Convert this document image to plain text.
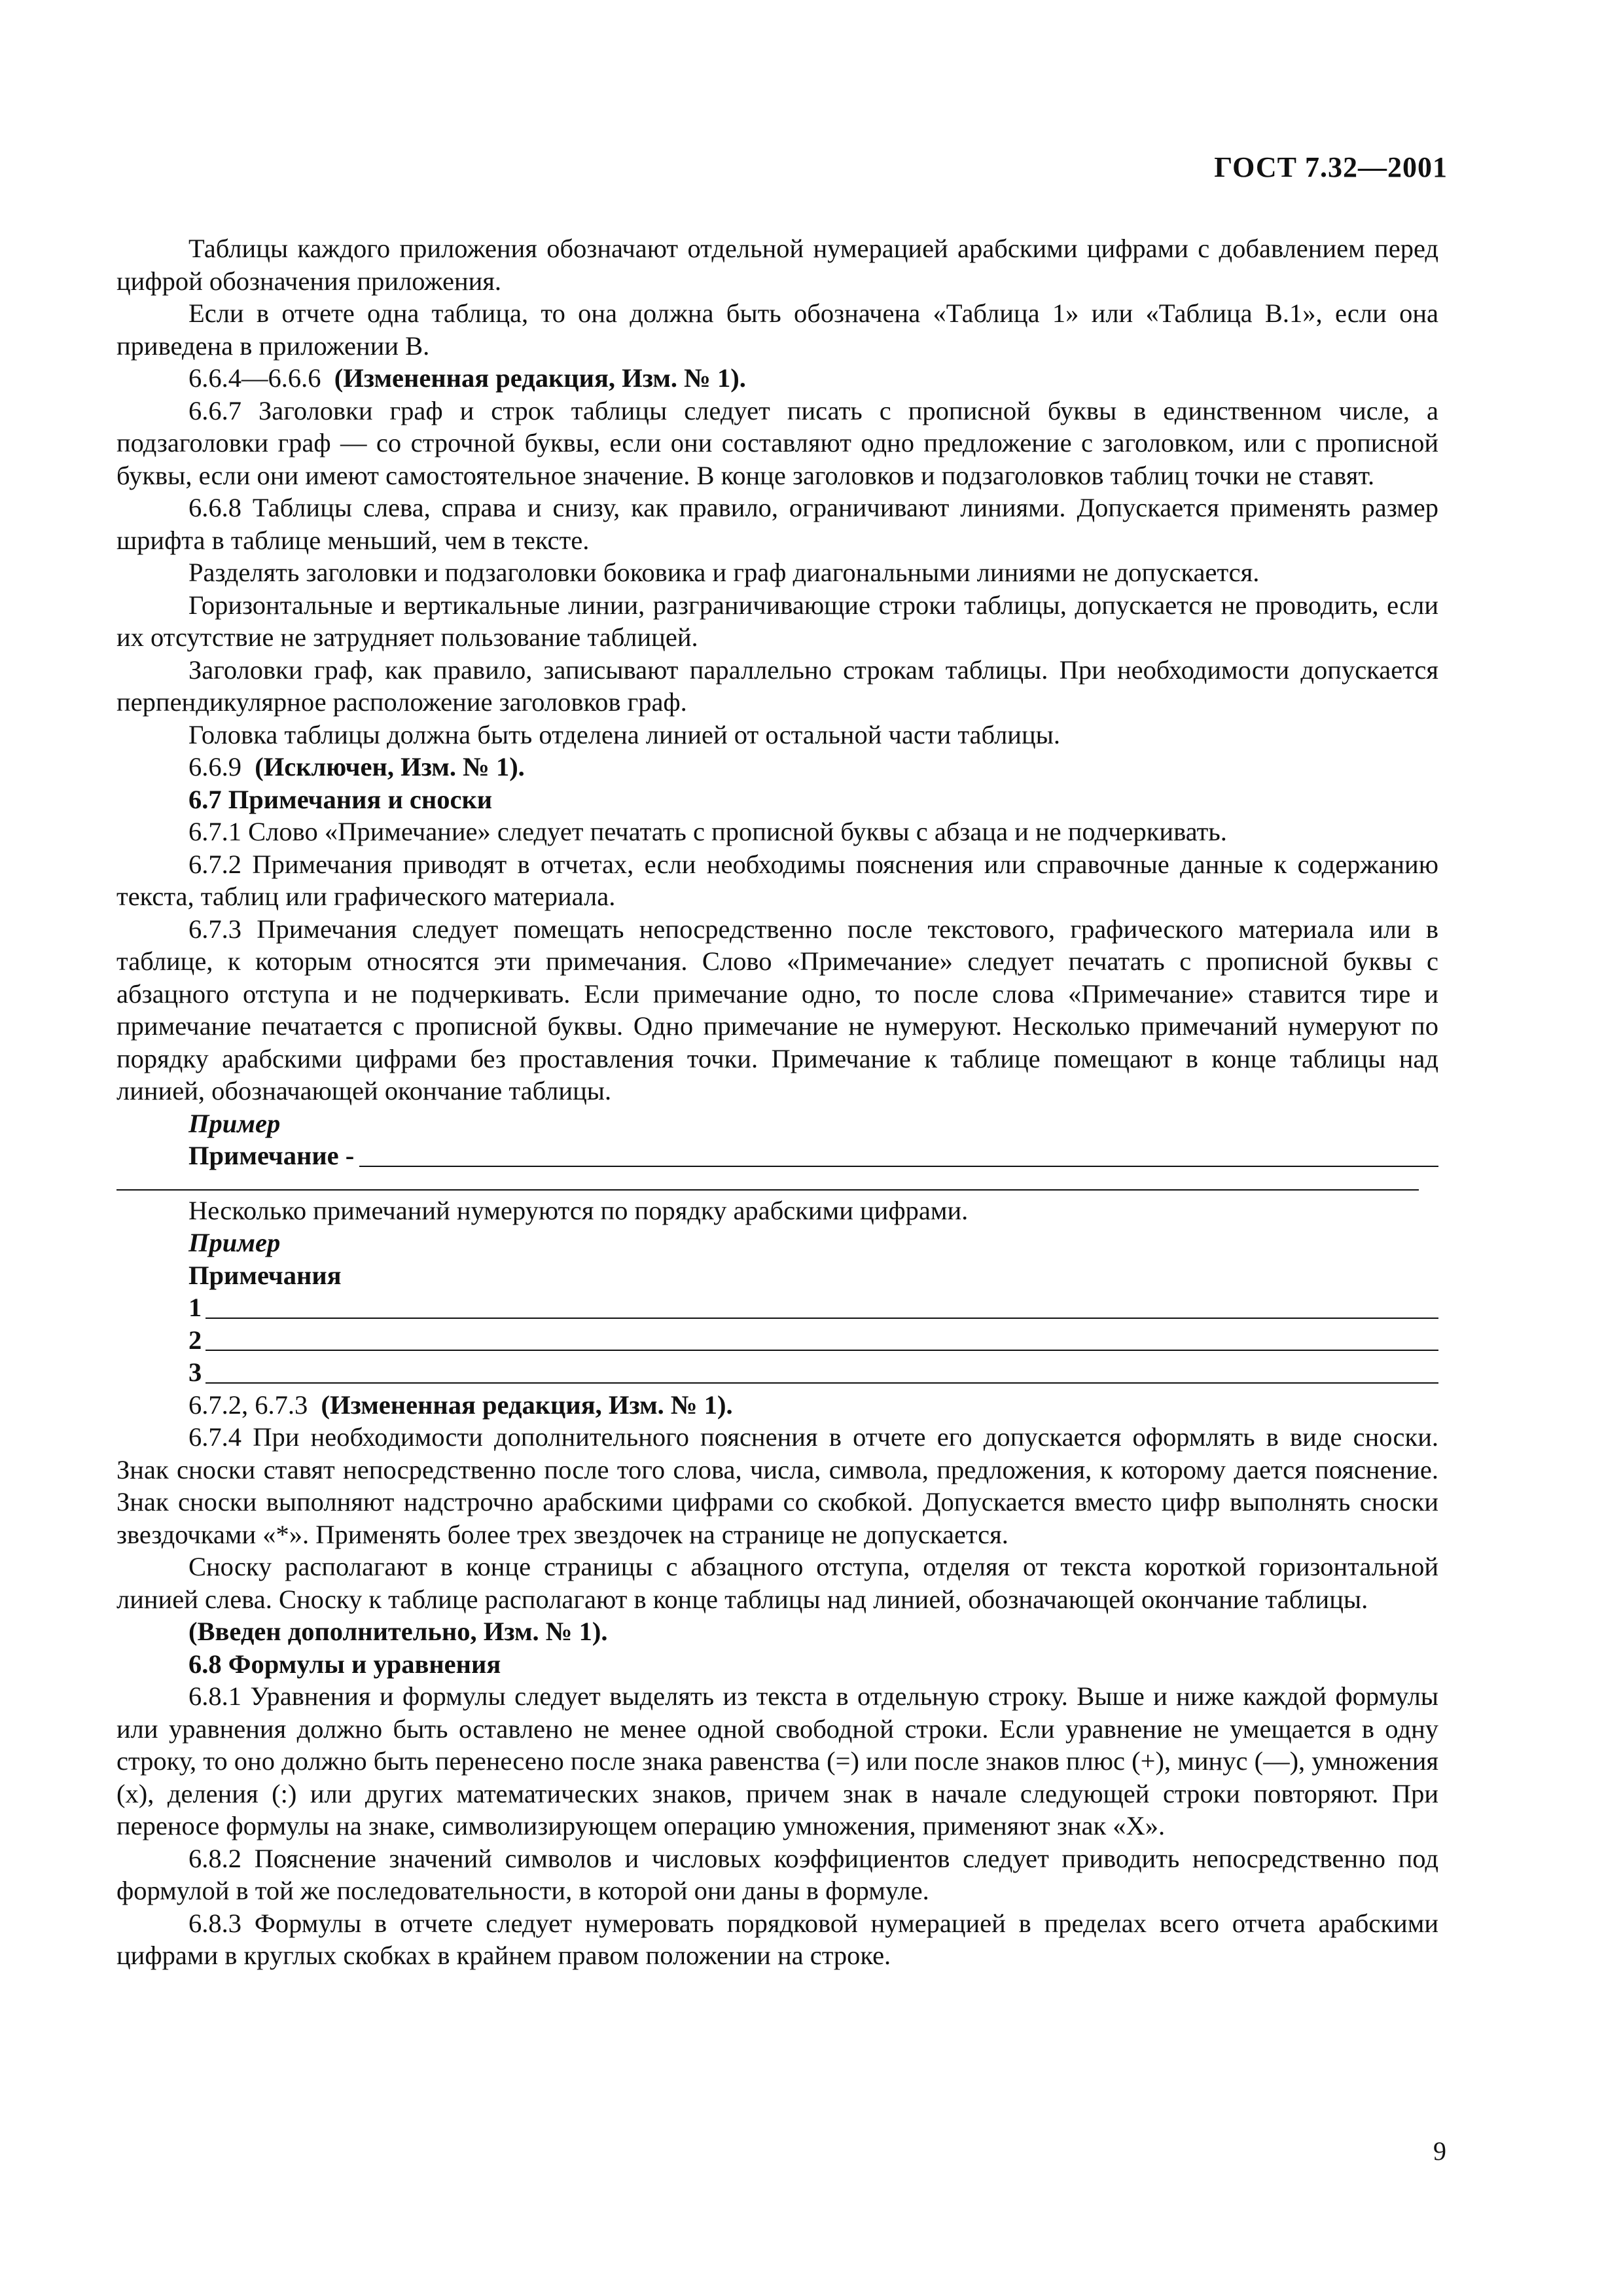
ГОСТ 7.32—2001

Таблицы каждого приложения обозначают отдельной нумерацией арабскими цифрами с добавлением перед цифрой обозначения приложения.

Если в отчете одна таблица, то она должна быть обозначена «Таблица 1» или «Таблица В.1», если она приведена в приложении В.

6.6.4—6.6.6 (Измененная редакция, Изм. № 1).

6.6.7 Заголовки граф и строк таблицы следует писать с прописной буквы в единственном числе, а подзаголовки граф — со строчной буквы, если они составляют одно предложение с заголовком, или с прописной буквы, если они имеют самостоятельное значение. В конце заголовков и подзаголовков таблиц точки не ставят.

6.6.8 Таблицы слева, справа и снизу, как правило, ограничивают линиями. Допускается применять размер шрифта в таблице меньший, чем в тексте.

Разделять заголовки и подзаголовки боковика и граф диагональными линиями не допускается.

Горизонтальные и вертикальные линии, разграничивающие строки таблицы, допускается не проводить, если их отсутствие не затрудняет пользование таблицей.

Заголовки граф, как правило, записывают параллельно строкам таблицы. При необходимости допускается перпендикулярное расположение заголовков граф.

Головка таблицы должна быть отделена линией от остальной части таблицы.

6.6.9 (Исключен, Изм. № 1).

6.7 Примечания и сноски

6.7.1 Слово «Примечание» следует печатать с прописной буквы с абзаца и не подчеркивать.

6.7.2 Примечания приводят в отчетах, если необходимы пояснения или справочные данные к содержанию текста, таблиц или графического материала.

6.7.3 Примечания следует помещать непосредственно после текстового, графического материала или в таблице, к которым относятся эти примечания. Слово «Примечание» следует печатать с прописной буквы с абзацного отступа и не подчеркивать. Если примечание одно, то после слова «Примечание» ставится тире и примечание печатается с прописной буквы. Одно примечание не нумеруют. Несколько примечаний нумеруют по порядку арабскими цифрами без проставления точки. Примечание к таблице помещают в конце таблицы над линией, обозначающей окончание таблицы.

Пример

Примечание -

Несколько примечаний нумеруются по порядку арабскими цифрами.

Пример

Примечания

1
2
3

6.7.2, 6.7.3 (Измененная редакция, Изм. № 1).

6.7.4 При необходимости дополнительного пояснения в отчете его допускается оформлять в виде сноски. Знак сноски ставят непосредственно после того слова, числа, символа, предложения, к которому дается пояснение. Знак сноски выполняют надстрочно арабскими цифрами со скобкой. Допускается вместо цифр выполнять сноски звездочками «*». Применять более трех звездочек на странице не допускается.

Сноску располагают в конце страницы с абзацного отступа, отделяя от текста короткой горизонтальной линией слева. Сноску к таблице располагают в конце таблицы над линией, обозначающей окончание таблицы.

(Введен дополнительно, Изм. № 1).

6.8 Формулы и уравнения

6.8.1 Уравнения и формулы следует выделять из текста в отдельную строку. Выше и ниже каждой формулы или уравнения должно быть оставлено не менее одной свободной строки. Если уравнение не умещается в одну строку, то оно должно быть перенесено после знака равенства (=) или после знаков плюс (+), минус (—), умножения (х), деления (:) или других математических знаков, причем знак в начале следующей строки повторяют. При переносе формулы на знаке, символизирующем операцию умножения, применяют знак «X».

6.8.2 Пояснение значений символов и числовых коэффициентов следует приводить непосредственно под формулой в той же последовательности, в которой они даны в формуле.

6.8.3 Формулы в отчете следует нумеровать порядковой нумерацией в пределах всего отчета арабскими цифрами в круглых скобках в крайнем правом положении на строке.

9
